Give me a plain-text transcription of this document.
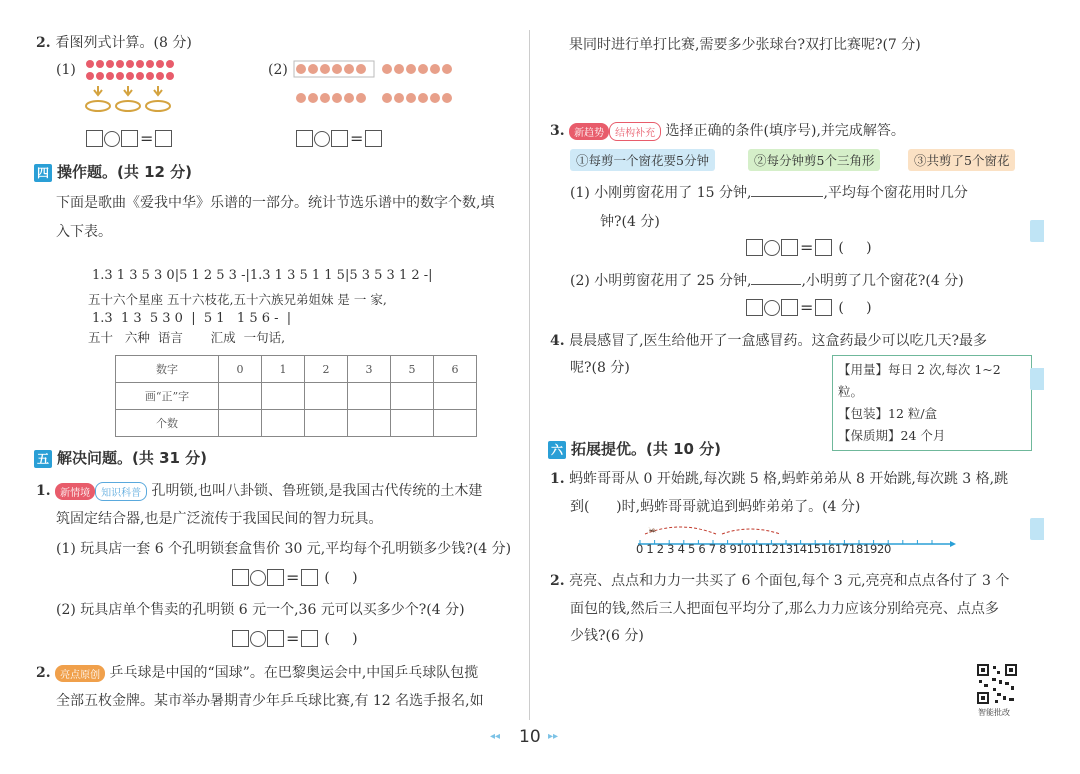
2. 看图列式计算。(8 分)
(1)
=
(2)
=
四 操作题。(共 12 分)
下面是歌曲《爱我中华》乐谱的一部分。统计节选乐谱中的数字个数,填
入下表。
1.3 1 3 5 3 0|5 1 2 5 3 -|1.3 1 3 5 1 1 5|5 3 5 3 1 2 -|
五十六个星座 五十六枝花,五十六族兄弟姐妹 是 一 家,
1.3  1 3  5 3 0  |  5 1   1 5 6 -  |
五十   六种  语言       汇成  一句话,
数字	0	1	2	3	5	6
画“正”字						
个数						
五 解决问题。(共 31 分)
1. 新情境 知识科普 孔明锁,也叫八卦锁、鲁班锁,是我国古代传统的土木建
筑固定结合器,也是广泛流传于我国民间的智力玩具。
(1) 玩具店一套 6 个孔明锁套盒售价 30 元,平均每个孔明锁多少钱?(4 分)
= (     )
(2) 玩具店单个售卖的孔明锁 6 元一个,36 元可以买多少个?(4 分)
= (     )
2. 亮点原创 乒乓球是中国的“国球”。在巴黎奥运会中,中国乒乓球队包揽
全部五枚金牌。某市举办暑期青少年乒乓球比赛,有 12 名选手报名,如
果同时进行单打比赛,需要多少张球台?双打比赛呢?(7 分)
3. 新趋势 结构补充 选择正确的条件(填序号),并完成解答。
①每剪一个窗花要5分钟	②每分钟剪5个三角形	③共剪了5个窗花
(1) 小刚剪窗花用了 15 分钟,	,平均每个窗花用时几分
钟?(4 分)
= (     )
(2) 小明剪窗花用了 25 分钟,	,小明剪了几个窗花?(4 分)
= (     )
4. 晨晨感冒了,医生给他开了一盒感冒药。这盒药最少可以吃几天?最多
呢?(8 分)	【用量】每日 2 次,每次 1~2 粒。
【包装】12 粒/盒
【保质期】24 个月
六 拓展提优。(共 10 分)
1. 蚂蚱哥哥从 0 开始跳,每次跳 5 格,蚂蚱弟弟从 8 开始跳,每次跳 3 格,跳
到(      )时,蚂蚱哥哥就追到蚂蚱弟弟了。(4 分)
🦗
0 1 2 3 4 5 6 7 8 91011121314151617181920
2. 亮亮、点点和力力一共买了 6 个面包,每个 3 元,亮亮和点点各付了 3 个
面包的钱,然后三人把面包平均分了,那么力力应该分别给亮亮、点点多
少钱?(6 分)
智能批改
◂◂ 10 ▸▸
